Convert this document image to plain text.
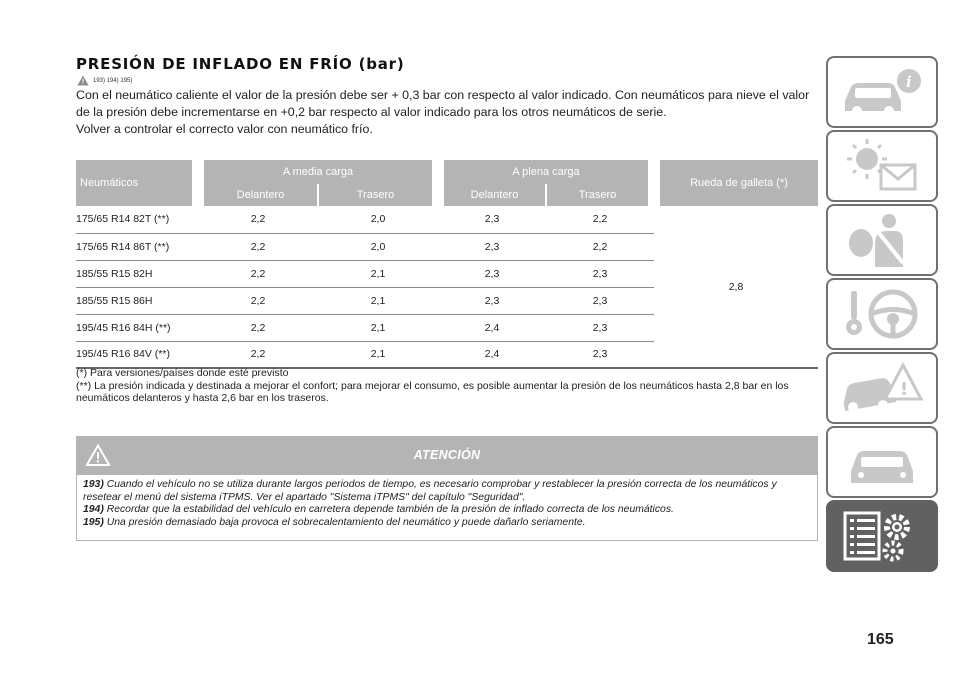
PRESIÓN DE INFLADO EN FRÍO (bar)
193) 194) 195)

Con el neumático caliente el valor de la presión debe ser + 0,3 bar con respecto al valor indicado. Con neumáticos para nieve el valor de la presión debe incrementarse en +0,2 bar respecto al valor indicado para los otros neumáticos de serie.

Volver a controlar el correcto valor con neumático frío.

Neumáticos	A media carga		A plena carga		Rueda de galleta (*)
	Delantero	Trasero	Delantero	Trasero	
175/65 R14 82T (**)	2,2	2,0	2,3	2,2	2,8
175/65 R14 86T (**)	2,2	2,0	2,3	2,2	
185/55 R15 82H	2,2	2,1	2,3	2,3	
185/55 R15 86H	2,2	2,1	2,3	2,3	
195/45 R16 84H (**)	2,2	2,1	2,4	2,3	
195/45 R16 84V (**)	2,2	2,1	2,4	2,3	
(*) Para versiones/países donde esté previsto
(**) La presión indicada y destinada a mejorar el confort; para mejorar el consumo, es posible aumentar la presión de los neumáticos hasta 2,8 bar en los neumáticos delanteros y hasta 2,6 bar en los traseros.
ATENCIÓN
193) Cuando el vehículo no se utiliza durante largos periodos de tiempo, es necesario comprobar y restablecer la presión correcta de los neumáticos y resetear el menú del sistema iTPMS. Ver el apartado "Sistema iTPMS" del capítulo "Seguridad".
194) Recordar que la estabilidad del vehículo en carretera depende también de la presión de inflado correcta de los neumáticos.
195) Una presión demasiado baja provoca el sobrecalentamiento del neumático y puede dañarlo seriamente.
165
i
!
